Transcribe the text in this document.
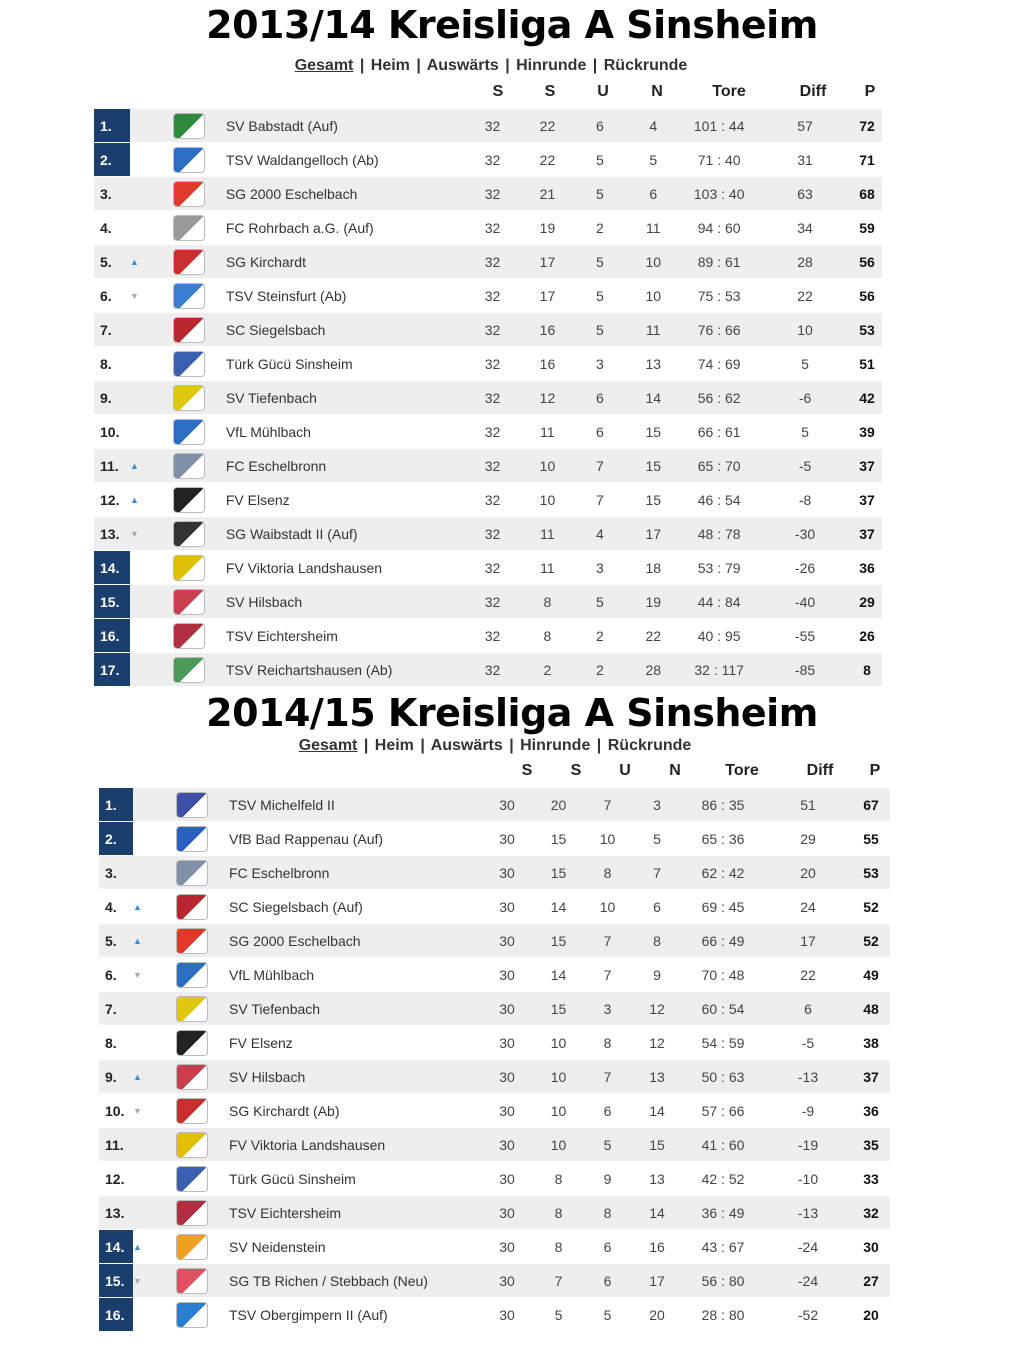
2013/14 Kreisliga A Sinsheim
Gesamt | Heim | Auswärts | Hinrunde | Rückrunde
S	S	U	N	Tore	Diff	P
1.			SV Babstadt (Auf)	32	22	6	4	101 : 44	57	72
2.			TSV Waldangelloch (Ab)	32	22	5	5	71 : 40	31	71
3.			SG 2000 Eschelbach	32	21	5	6	103 : 40	63	68
4.			FC Rohrbach a.G. (Auf)	32	19	2	11	94 : 60	34	59
5.	▲		SG Kirchardt	32	17	5	10	89 : 61	28	56
6.	▼		TSV Steinsfurt (Ab)	32	17	5	10	75 : 53	22	56
7.			SC Siegelsbach	32	16	5	11	76 : 66	10	53
8.			Türk Gücü Sinsheim	32	16	3	13	74 : 69	5	51
9.			SV Tiefenbach	32	12	6	14	56 : 62	-6	42
10.			VfL Mühlbach	32	11	6	15	66 : 61	5	39
11.	▲		FC Eschelbronn	32	10	7	15	65 : 70	-5	37
12.	▲		FV Elsenz	32	10	7	15	46 : 54	-8	37
13.	▼		SG Waibstadt II (Auf)	32	11	4	17	48 : 78	-30	37
14.			FV Viktoria Landshausen	32	11	3	18	53 : 79	-26	36
15.			SV Hilsbach	32	8	5	19	44 : 84	-40	29
16.			TSV Eichtersheim	32	8	2	22	40 : 95	-55	26
17.			TSV Reichartshausen (Ab)	32	2	2	28	32 : 117	-85	8
2014/15 Kreisliga A Sinsheim
Gesamt | Heim | Auswärts | Hinrunde | Rückrunde
S	S	U	N	Tore	Diff	P
1.			TSV Michelfeld II	30	20	7	3	86 : 35	51	67
2.			VfB Bad Rappenau (Auf)	30	15	10	5	65 : 36	29	55
3.			FC Eschelbronn	30	15	8	7	62 : 42	20	53
4.	▲		SC Siegelsbach (Auf)	30	14	10	6	69 : 45	24	52
5.	▲		SG 2000 Eschelbach	30	15	7	8	66 : 49	17	52
6.	▼		VfL Mühlbach	30	14	7	9	70 : 48	22	49
7.			SV Tiefenbach	30	15	3	12	60 : 54	6	48
8.			FV Elsenz	30	10	8	12	54 : 59	-5	38
9.	▲		SV Hilsbach	30	10	7	13	50 : 63	-13	37
10.	▼		SG Kirchardt (Ab)	30	10	6	14	57 : 66	-9	36
11.			FV Viktoria Landshausen	30	10	5	15	41 : 60	-19	35
12.			Türk Gücü Sinsheim	30	8	9	13	42 : 52	-10	33
13.			TSV Eichtersheim	30	8	8	14	36 : 49	-13	32
14.	▲		SV Neidenstein	30	8	6	16	43 : 67	-24	30
15.	▼		SG TB Richen / Stebbach (Neu)	30	7	6	17	56 : 80	-24	27
16.			TSV Obergimpern II (Auf)	30	5	5	20	28 : 80	-52	20
